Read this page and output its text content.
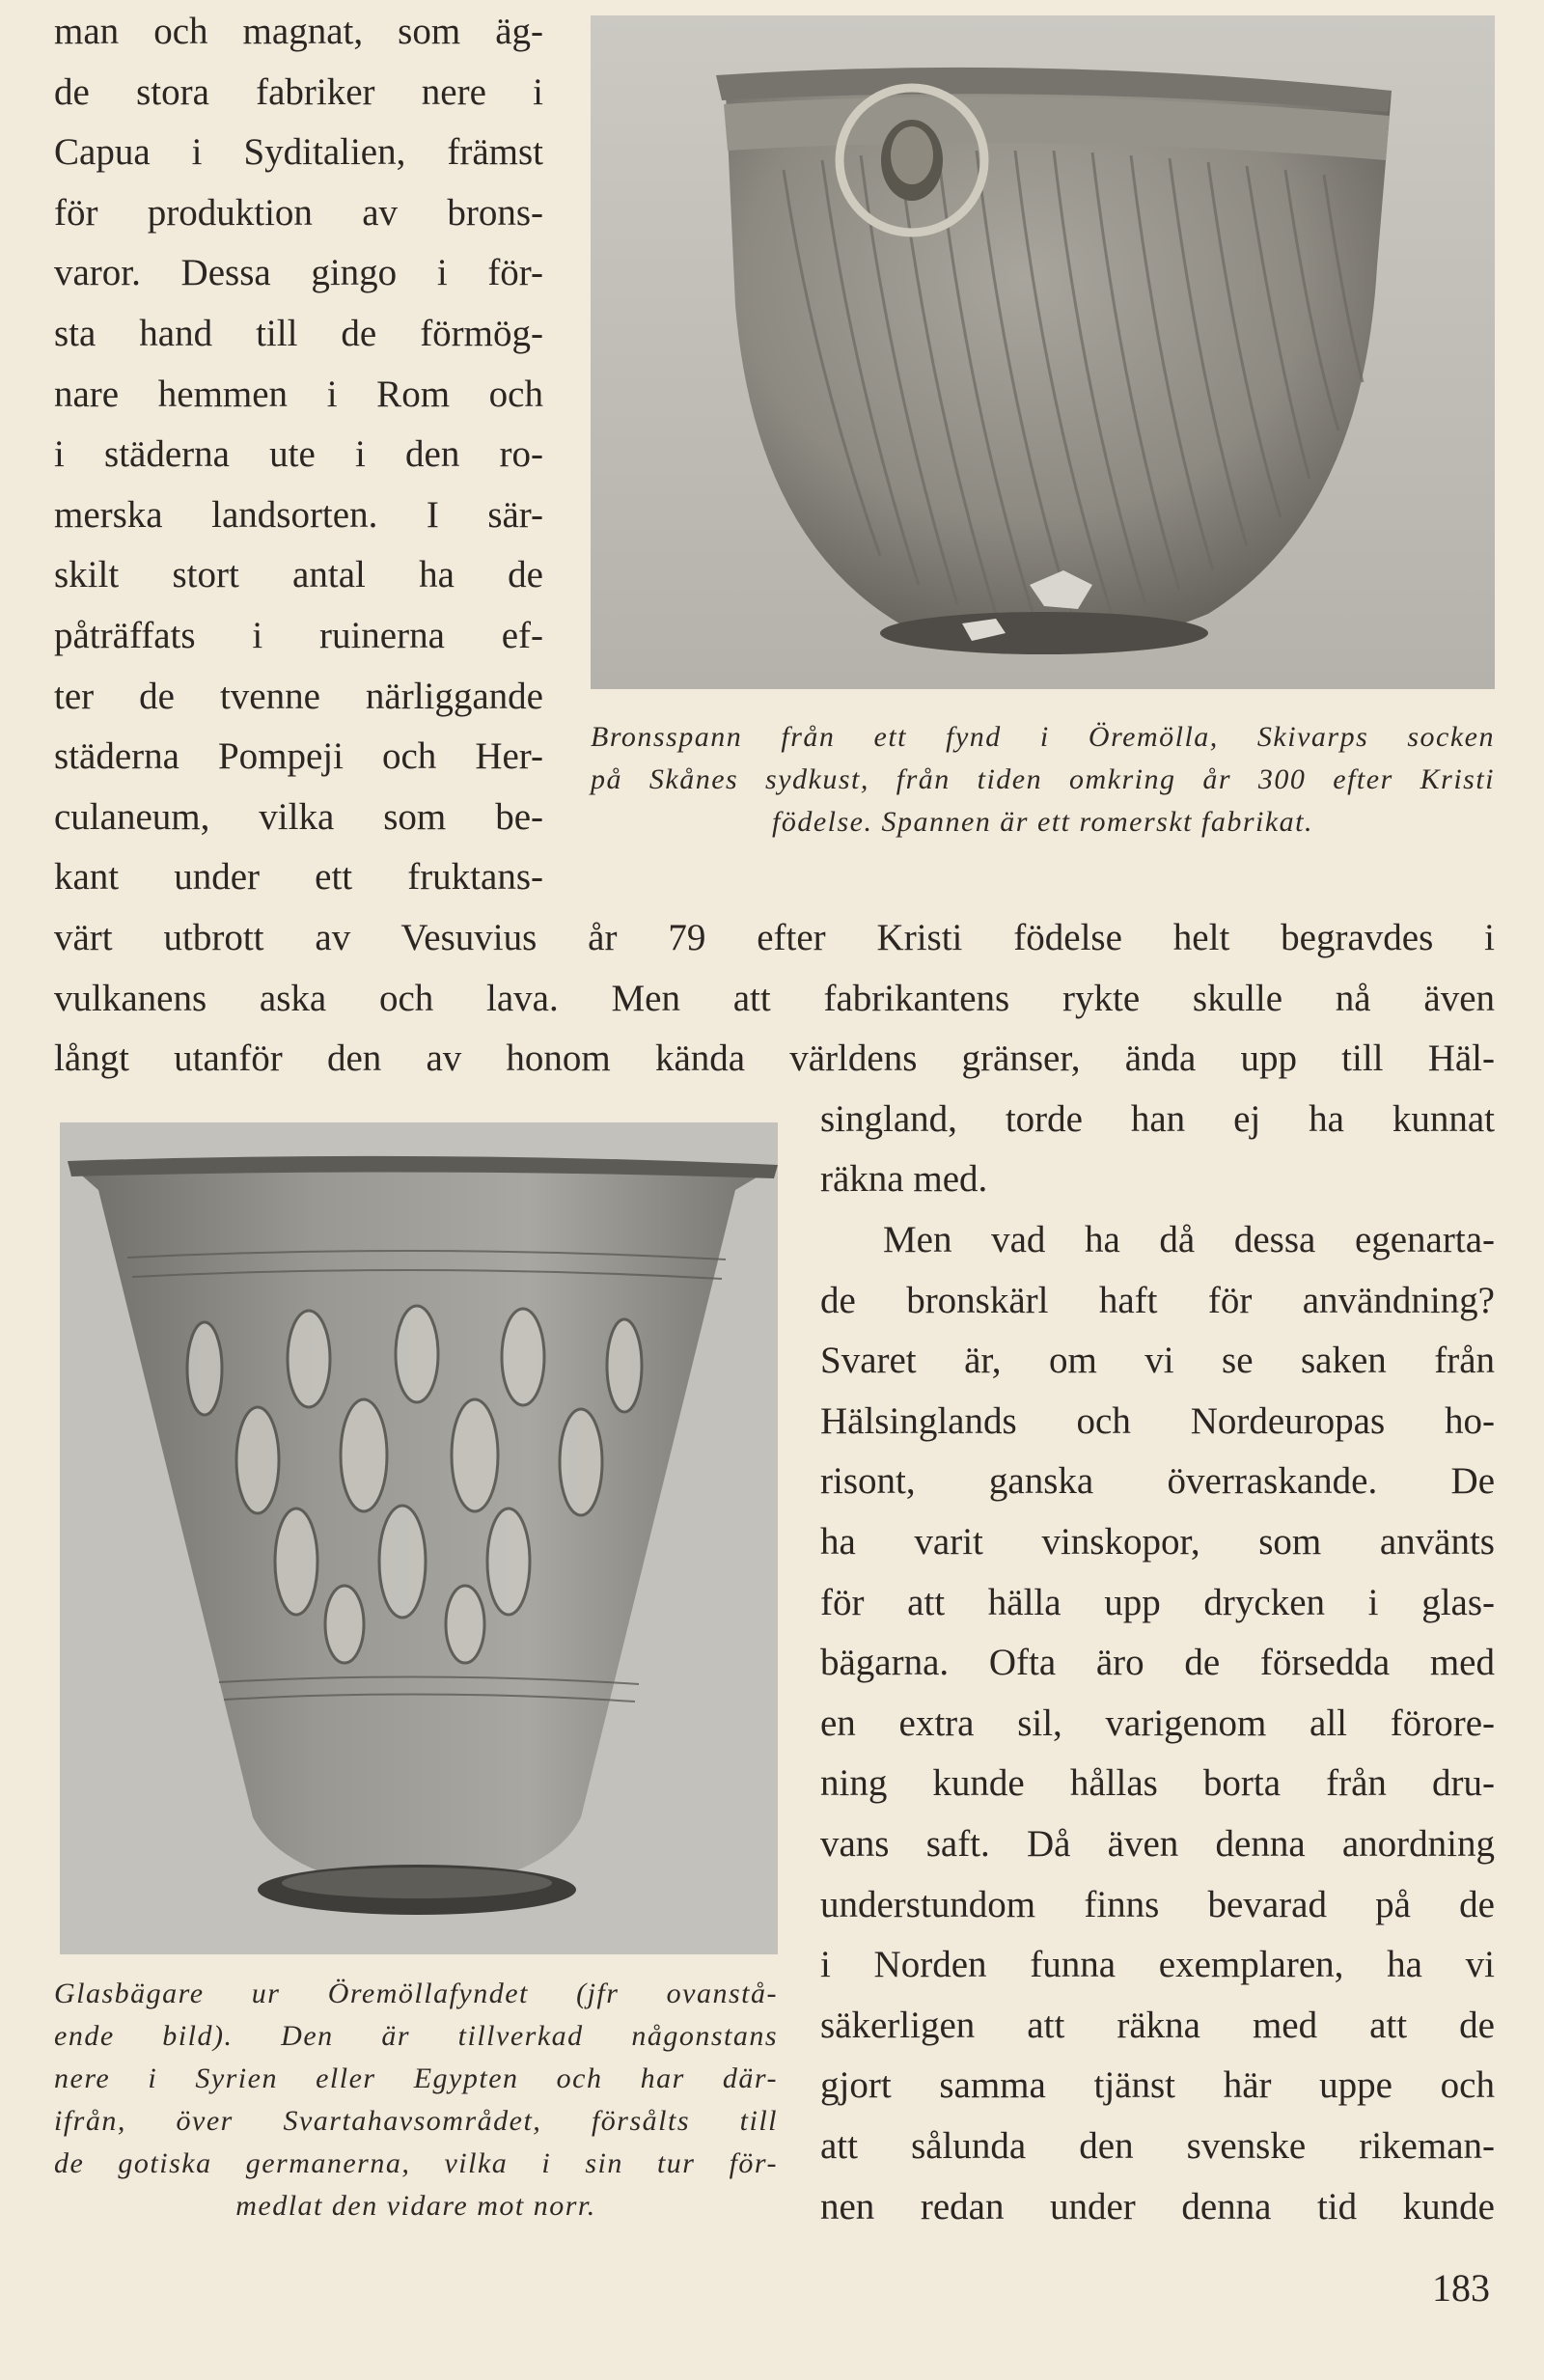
man och magnat, som äg-
de stora fabriker nere i
Capua i Syditalien, främst
för produktion av brons-
varor. Dessa gingo i för-
sta hand till de förmög-
nare hemmen i Rom och
i städerna ute i den ro-
merska landsorten. I sär-
skilt stort antal ha de
påträffats i ruinerna ef-
ter de tvenne närliggande
städerna Pompeji och Her-
culaneum, vilka som be-
kant under ett fruktans-
Bronsspann från ett fynd i Öremölla, Skivarps socken
på Skånes sydkust, från tiden omkring år 300 efter Kristi
födelse. Spannen är ett romerskt fabrikat.
värt utbrott av Vesuvius år 79 efter Kristi födelse helt begravdes i
vulkanens aska och lava. Men att fabrikantens rykte skulle nå även
långt utanför den av honom kända världens gränser, ända upp till Häl-
singland, torde han ej ha kunnat
räkna med.
Men vad ha då dessa egenarta-
de bronskärl haft för användning?
Svaret är, om vi se saken från
Hälsinglands och Nordeuropas ho-
risont, ganska överraskande. De
ha varit vinskopor, som använts
för att hälla upp drycken i glas-
bägarna. Ofta äro de försedda med
en extra sil, varigenom all förore-
ning kunde hållas borta från dru-
vans saft. Då även denna anordning
understundom finns bevarad på de
i Norden funna exemplaren, ha vi
säkerligen att räkna med att de
gjort samma tjänst här uppe och
att sålunda den svenske rikeman-
nen redan under denna tid kunde
Glasbägare ur Öremöllafyndet (jfr ovanstå-
ende bild). Den är tillverkad någonstans
nere i Syrien eller Egypten och har där-
ifrån, över Svartahavsområdet, försålts till
de gotiska germanerna, vilka i sin tur för-
medlat den vidare mot norr.
183
